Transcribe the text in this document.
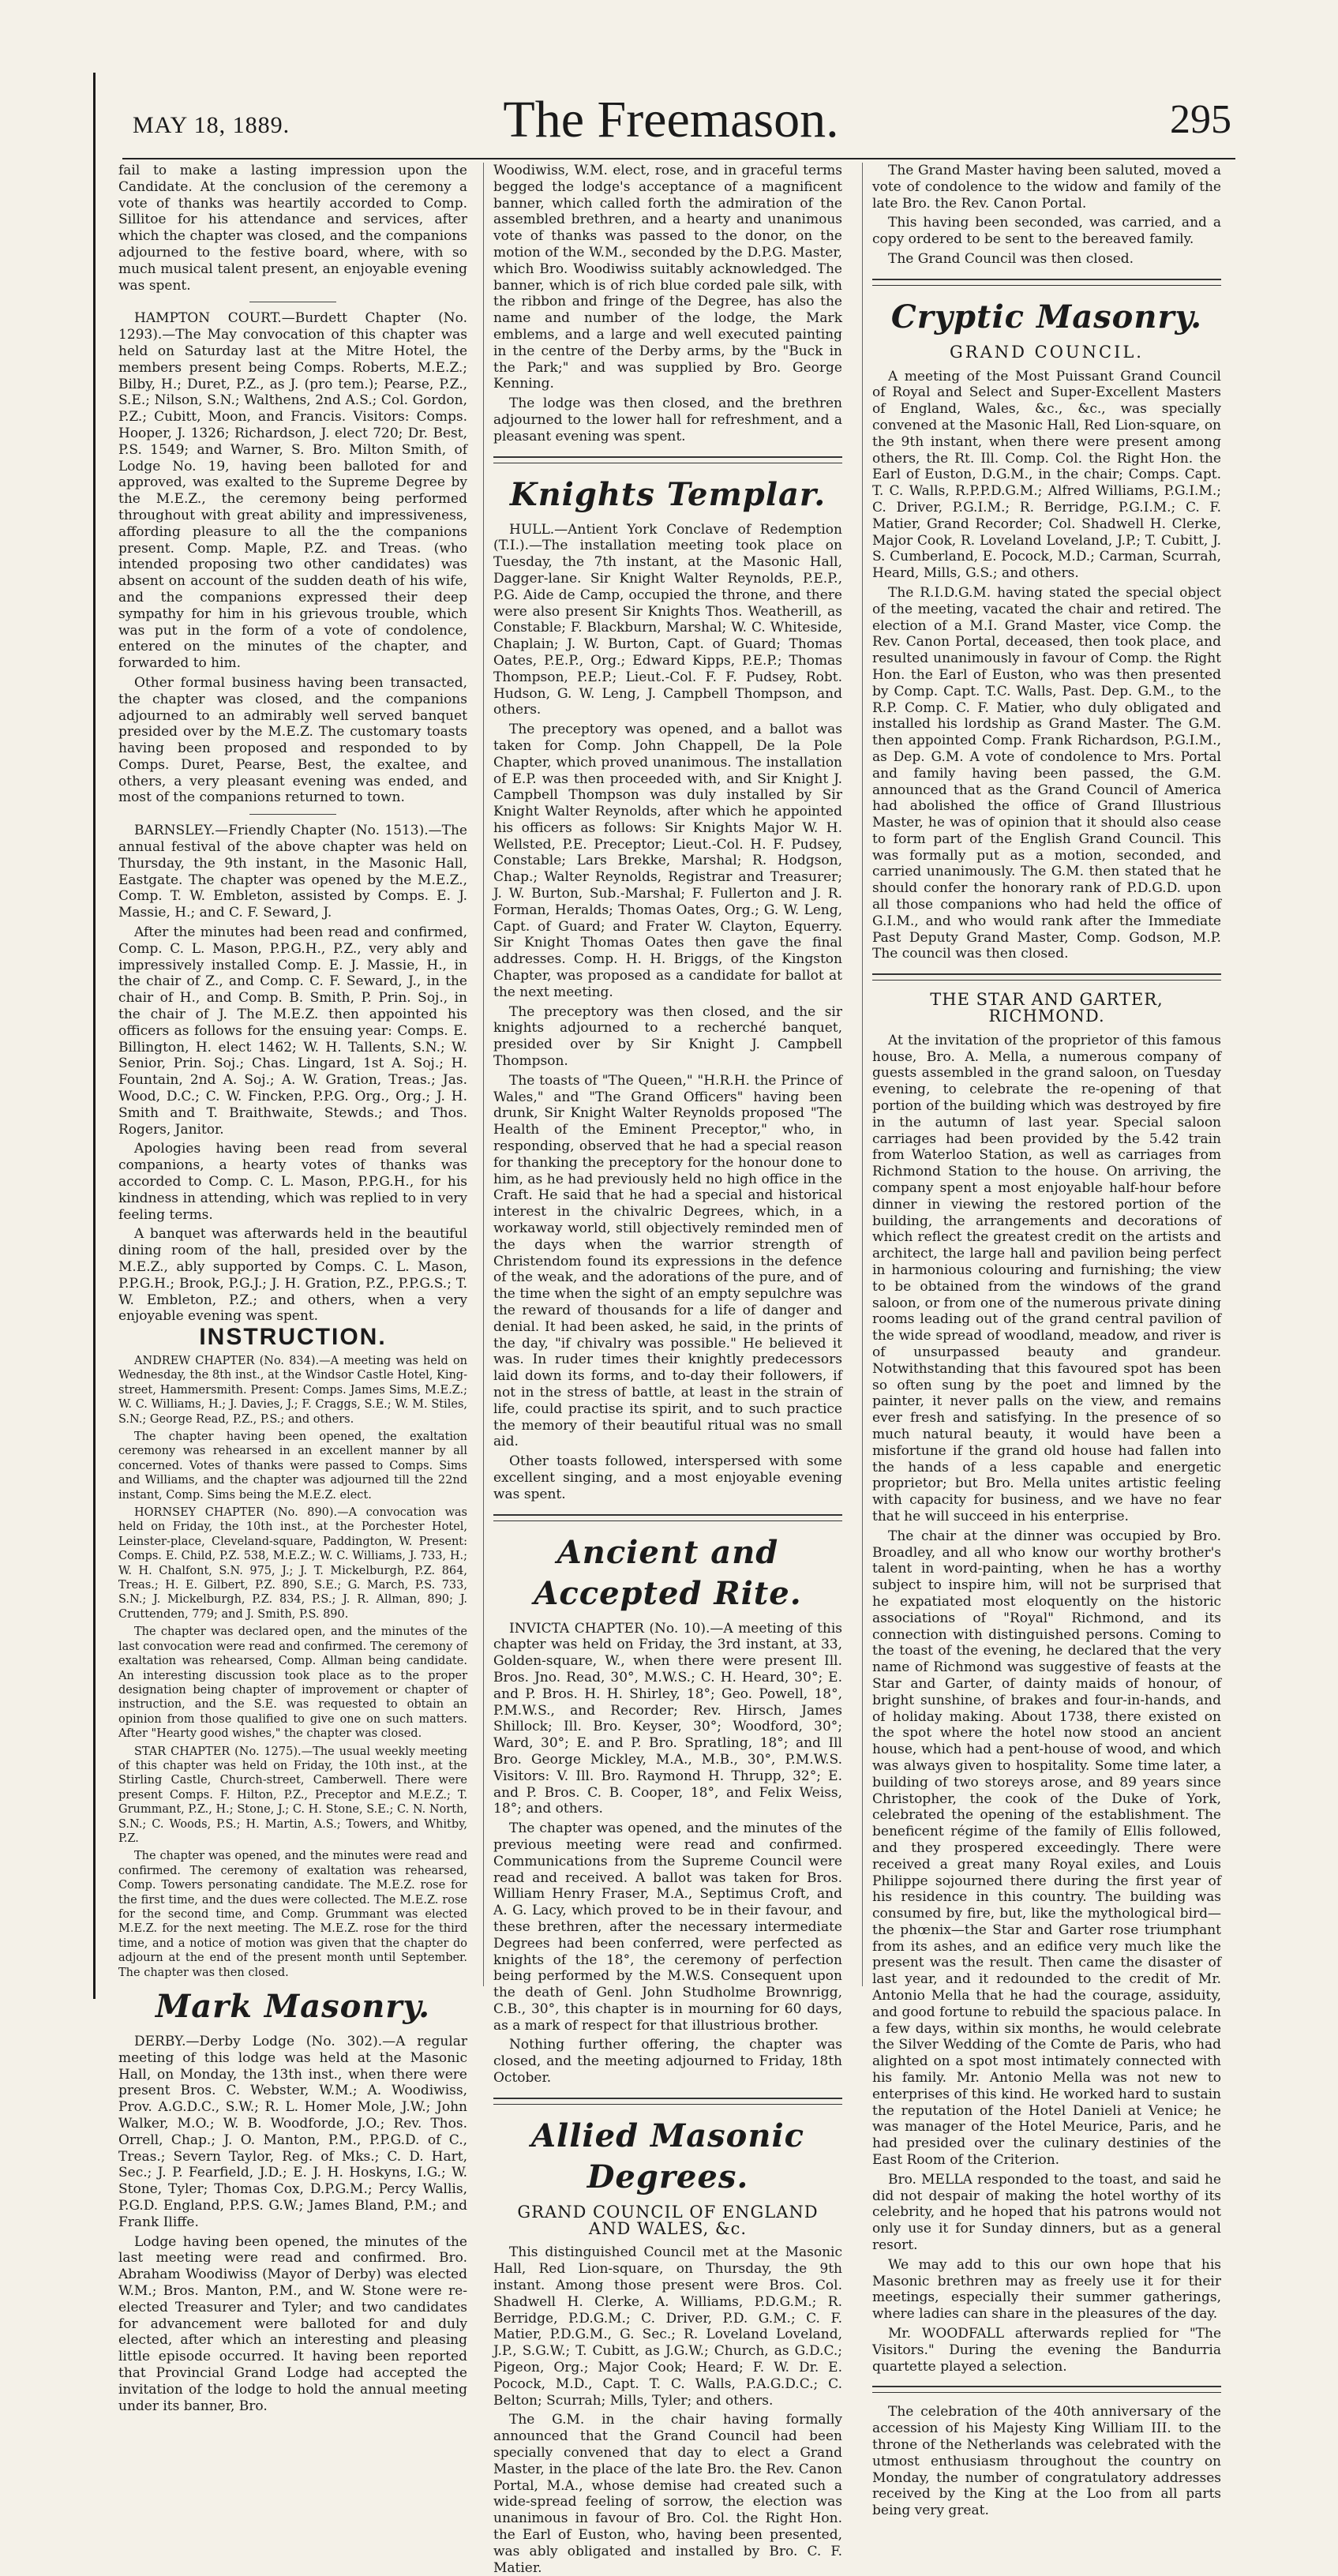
MAY 18, 1889.	The Freemason.	295

fail to make a lasting impression upon the Candidate. At the conclusion of the ceremony a vote of thanks was heartily accorded to Comp. Sillitoe for his attendance and services, after which the chapter was closed, and the companions adjourned to the festive board, where, with so much musical talent present, an enjoyable evening was spent.

HAMPTON COURT.—Burdett Chapter (No. 1293).—The May convocation of this chapter was held on Saturday last at the Mitre Hotel, the members present being Comps. Roberts, M.E.Z.; Bilby, H.; Duret, P.Z., as J. (pro tem.); Pearse, P.Z., S.E.; Nilson, S.N.; Walthens, 2nd A.S.; Col. Gordon, P.Z.; Cubitt, Moon, and Francis. Visitors: Comps. Hooper, J. 1326; Richardson, J. elect 720; Dr. Best, P.S. 1549; and Warner, S. Bro. Milton Smith, of Lodge No. 19, having been balloted for and approved, was exalted to the Supreme Degree by the M.E.Z., the ceremony being performed throughout with great ability and impressiveness, affording pleasure to all the the companions present. Comp. Maple, P.Z. and Treas. (who intended proposing two other candidates) was absent on account of the sudden death of his wife, and the companions expressed their deep sympathy for him in his grievous trouble, which was put in the form of a vote of condolence, entered on the minutes of the chapter, and forwarded to him.

Other formal business having been transacted, the chapter was closed, and the companions adjourned to an admirably well served banquet presided over by the M.E.Z. The customary toasts having been proposed and responded to by Comps. Duret, Pearse, Best, the exaltee, and others, a very pleasant evening was ended, and most of the companions returned to town.

BARNSLEY.—Friendly Chapter (No. 1513).—The annual festival of the above chapter was held on Thursday, the 9th instant, in the Masonic Hall, Eastgate. The chapter was opened by the M.E.Z., Comp. T. W. Embleton, assisted by Comps. E. J. Massie, H.; and C. F. Seward, J.

After the minutes had been read and confirmed, Comp. C. L. Mason, P.P.G.H., P.Z., very ably and impressively installed Comp. E. J. Massie, H., in the chair of Z., and Comp. C. F. Seward, J., in the chair of H., and Comp. B. Smith, P. Prin. Soj., in the chair of J. The M.E.Z. then appointed his officers as follows for the ensuing year: Comps. E. Billington, H. elect 1462; W. H. Tallents, S.N.; W. Senior, Prin. Soj.; Chas. Lingard, 1st A. Soj.; H. Fountain, 2nd A. Soj.; A. W. Gration, Treas.; Jas. Wood, D.C.; C. W. Fincken, P.P.G. Org., Org.; J. H. Smith and T. Braithwaite, Stewds.; and Thos. Rogers, Janitor.

Apologies having been read from several companions, a hearty votes of thanks was accorded to Comp. C. L. Mason, P.P.G.H., for his kindness in attending, which was replied to in very feeling terms.

A banquet was afterwards held in the beautiful dining room of the hall, presided over by the M.E.Z., ably supported by Comps. C. L. Mason, P.P.G.H.; Brook, P.G.J.; J. H. Gration, P.Z., P.P.G.S.; T. W. Embleton, P.Z.; and others, when a very enjoyable evening was spent.

INSTRUCTION.

ANDREW CHAPTER (No. 834).—A meeting was held on Wednesday, the 8th inst., at the Windsor Castle Hotel, King-street, Hammersmith. Present: Comps. James Sims, M.E.Z.; W. C. Williams, H.; J. Davies, J.; F. Craggs, S.E.; W. M. Stiles, S.N.; George Read, P.Z., P.S.; and others.

The chapter having been opened, the exaltation ceremony was rehearsed in an excellent manner by all concerned. Votes of thanks were passed to Comps. Sims and Williams, and the chapter was adjourned till the 22nd instant, Comp. Sims being the M.E.Z. elect.

HORNSEY CHAPTER (No. 890).—A convocation was held on Friday, the 10th inst., at the Porchester Hotel, Leinster-place, Cleveland-square, Paddington, W. Present: Comps. E. Child, P.Z. 538, M.E.Z.; W. C. Williams, J. 733, H.; W. H. Chalfont, S.N. 975, J.; J. T. Mickelburgh, P.Z. 864, Treas.; H. E. Gilbert, P.Z. 890, S.E.; G. March, P.S. 733, S.N.; J. Mickelburgh, P.Z. 834, P.S.; J. R. Allman, 890; J. Cruttenden, 779; and J. Smith, P.S. 890.

The chapter was declared open, and the minutes of the last convocation were read and confirmed. The ceremony of exaltation was rehearsed, Comp. Allman being candidate. An interesting discussion took place as to the proper designation being chapter of improvement or chapter of instruction, and the S.E. was requested to obtain an opinion from those qualified to give one on such matters. After "Hearty good wishes," the chapter was closed.

STAR CHAPTER (No. 1275).—The usual weekly meeting of this chapter was held on Friday, the 10th inst., at the Stirling Castle, Church-street, Camberwell. There were present Comps. F. Hilton, P.Z., Preceptor and M.E.Z.; T. Grummant, P.Z., H.; Stone, J.; C. H. Stone, S.E.; C. N. North, S.N.; C. Woods, P.S.; H. Martin, A.S.; Towers, and Whitby, P.Z.

The chapter was opened, and the minutes were read and confirmed. The ceremony of exaltation was rehearsed, Comp. Towers personating candidate. The M.E.Z. rose for the first time, and the dues were collected. The M.E.Z. rose for the second time, and Comp. Grummant was elected M.E.Z. for the next meeting. The M.E.Z. rose for the third time, and a notice of motion was given that the chapter do adjourn at the end of the present month until September. The chapter was then closed.

Mark Masonry.

DERBY.—Derby Lodge (No. 302).—A regular meeting of this lodge was held at the Masonic Hall, on Monday, the 13th inst., when there were present Bros. C. Webster, W.M.; A. Woodiwiss, Prov. A.G.D.C., S.W.; R. L. Homer Mole, J.W.; John Walker, M.O.; W. B. Woodforde, J.O.; Rev. Thos. Orrell, Chap.; J. O. Manton, P.M., P.P.G.D. of C., Treas.; Severn Taylor, Reg. of Mks.; C. D. Hart, Sec.; J. P. Fearfield, J.D.; E. J. H. Hoskyns, I.G.; W. Stone, Tyler; Thomas Cox, D.P.G.M.; Percy Wallis, P.G.D. England, P.P.S. G.W.; James Bland, P.M.; and Frank Iliffe.

Lodge having been opened, the minutes of the last meeting were read and confirmed. Bro. Abraham Woodiwiss (Mayor of Derby) was elected W.M.; Bros. Manton, P.M., and W. Stone were re-elected Treasurer and Tyler; and two candidates for advancement were balloted for and duly elected, after which an interesting and pleasing little episode occurred. It having been reported that Provincial Grand Lodge had accepted the invitation of the lodge to hold the annual meeting under its banner, Bro.

Woodiwiss, W.M. elect, rose, and in graceful terms begged the lodge's acceptance of a magnificent banner, which called forth the admiration of the assembled brethren, and a hearty and unanimous vote of thanks was passed to the donor, on the motion of the W.M., seconded by the D.P.G. Master, which Bro. Woodiwiss suitably acknowledged. The banner, which is of rich blue corded pale silk, with the ribbon and fringe of the Degree, has also the name and number of the lodge, the Mark emblems, and a large and well executed painting in the centre of the Derby arms, by the "Buck in the Park;" and was supplied by Bro. George Kenning.

The lodge was then closed, and the brethren adjourned to the lower hall for refreshment, and a pleasant evening was spent.

Knights Templar.

HULL.—Antient York Conclave of Redemption (T.I.).—The installation meeting took place on Tuesday, the 7th instant, at the Masonic Hall, Dagger-lane. Sir Knight Walter Reynolds, P.E.P., P.G. Aide de Camp, occupied the throne, and there were also present Sir Knights Thos. Weatherill, as Constable; F. Blackburn, Marshal; W. C. Whiteside, Chaplain; J. W. Burton, Capt. of Guard; Thomas Oates, P.E.P., Org.; Edward Kipps, P.E.P.; Thomas Thompson, P.E.P.; Lieut.-Col. F. F. Pudsey, Robt. Hudson, G. W. Leng, J. Campbell Thompson, and others.

The preceptory was opened, and a ballot was taken for Comp. John Chappell, De la Pole Chapter, which proved unanimous. The installation of E.P. was then proceeded with, and Sir Knight J. Campbell Thompson was duly installed by Sir Knight Walter Reynolds, after which he appointed his officers as follows: Sir Knights Major W. H. Wellsted, P.E. Preceptor; Lieut.-Col. H. F. Pudsey, Constable; Lars Brekke, Marshal; R. Hodgson, Chap.; Walter Reynolds, Registrar and Treasurer; J. W. Burton, Sub.-Marshal; F. Fullerton and J. R. Forman, Heralds; Thomas Oates, Org.; G. W. Leng, Capt. of Guard; and Frater W. Clayton, Equerry. Sir Knight Thomas Oates then gave the final addresses. Comp. H. H. Briggs, of the Kingston Chapter, was proposed as a candidate for ballot at the next meeting.

The preceptory was then closed, and the sir knights adjourned to a recherché banquet, presided over by Sir Knight J. Campbell Thompson.

The toasts of "The Queen," "H.R.H. the Prince of Wales," and "The Grand Officers" having been drunk, Sir Knight Walter Reynolds proposed "The Health of the Eminent Preceptor," who, in responding, observed that he had a special reason for thanking the preceptory for the honour done to him, as he had previously held no high office in the Craft. He said that he had a special and historical interest in the chivalric Degrees, which, in a workaway world, still objectively reminded men of the days when the warrior strength of Christendom found its expressions in the defence of the weak, and the adorations of the pure, and of the time when the sight of an empty sepulchre was the reward of thousands for a life of danger and denial. It had been asked, he said, in the prints of the day, "if chivalry was possible." He believed it was. In ruder times their knightly predecessors laid down its forms, and to-day their followers, if not in the stress of battle, at least in the strain of life, could practise its spirit, and to such practice the memory of their beautiful ritual was no small aid.

Other toasts followed, interspersed with some excellent singing, and a most enjoyable evening was spent.

Ancient and Accepted Rite.

INVICTA CHAPTER (No. 10).—A meeting of this chapter was held on Friday, the 3rd instant, at 33, Golden-square, W., when there were present Ill. Bros. Jno. Read, 30°, M.W.S.; C. H. Heard, 30°; E. and P. Bros. H. H. Shirley, 18°; Geo. Powell, 18°, P.M.W.S., and Recorder; Rev. Hirsch, James Shillock; Ill. Bro. Keyser, 30°; Woodford, 30°; Ward, 30°; E. and P. Bro. Spratling, 18°; and Ill Bro. George Mickley, M.A., M.B., 30°, P.M.W.S. Visitors: V. Ill. Bro. Raymond H. Thrupp, 32°; E. and P. Bros. C. B. Cooper, 18°, and Felix Weiss, 18°; and others.

The chapter was opened, and the minutes of the previous meeting were read and confirmed. Communications from the Supreme Council were read and received. A ballot was taken for Bros. William Henry Fraser, M.A., Septimus Croft, and A. G. Lacy, which proved to be in their favour, and these brethren, after the necessary intermediate Degrees had been conferred, were perfected as knights of the 18°, the ceremony of perfection being performed by the M.W.S. Consequent upon the death of Genl. John Studholme Brownrigg, C.B., 30°, this chapter is in mourning for 60 days, as a mark of respect for that illustrious brother.

Nothing further offering, the chapter was closed, and the meeting adjourned to Friday, 18th October.

Allied Masonic Degrees.
GRAND COUNCIL OF ENGLAND AND WALES, &c.

This distinguished Council met at the Masonic Hall, Red Lion-square, on Thursday, the 9th instant. Among those present were Bros. Col. Shadwell H. Clerke, A. Williams, P.D.G.M.; R. Berridge, P.D.G.M.; C. Driver, P.D. G.M.; C. F. Matier, P.D.G.M., G. Sec.; R. Loveland Loveland, J.P., S.G.W.; T. Cubitt, as J.G.W.; Church, as G.D.C.; Pigeon, Org.; Major Cook; Heard; F. W. Dr. E. Pocock, M.D., Capt. T. C. Walls, P.A.G.D.C.; C. Belton; Scurrah; Mills, Tyler; and others.

The G.M. in the chair having formally announced that the Grand Council had been specially convened that day to elect a Grand Master, in the place of the late Bro. the Rev. Canon Portal, M.A., whose demise had created such a wide-spread feeling of sorrow, the election was unanimous in favour of Bro. Col. the Right Hon. the Earl of Euston, who, having been presented, was ably obligated and installed by Bro. C. F. Matier.

The Grand Master having been saluted, moved a vote of condolence to the widow and family of the late Bro. the Rev. Canon Portal.

This having been seconded, was carried, and a copy ordered to be sent to the bereaved family.

The Grand Council was then closed.

Cryptic Masonry.
GRAND COUNCIL.

A meeting of the Most Puissant Grand Council of Royal and Select and Super-Excellent Masters of England, Wales, &c., &c., was specially convened at the Masonic Hall, Red Lion-square, on the 9th instant, when there were present among others, the Rt. Ill. Comp. Col. the Right Hon. the Earl of Euston, D.G.M., in the chair; Comps. Capt. T. C. Walls, R.P.P.D.G.M.; Alfred Williams, P.G.I.M.; C. Driver, P.G.I.M.; R. Berridge, P.G.I.M.; C. F. Matier, Grand Recorder; Col. Shadwell H. Clerke, Major Cook, R. Loveland Loveland, J.P.; T. Cubitt, J. S. Cumberland, E. Pocock, M.D.; Carman, Scurrah, Heard, Mills, G.S.; and others.

The R.I.D.G.M. having stated the special object of the meeting, vacated the chair and retired. The election of a M.I. Grand Master, vice Comp. the Rev. Canon Portal, deceased, then took place, and resulted unanimously in favour of Comp. the Right Hon. the Earl of Euston, who was then presented by Comp. Capt. T.C. Walls, Past. Dep. G.M., to the R.P. Comp. C. F. Matier, who duly obligated and installed his lordship as Grand Master. The G.M. then appointed Comp. Frank Richardson, P.G.I.M., as Dep. G.M. A vote of condolence to Mrs. Portal and family having been passed, the G.M. announced that as the Grand Council of America had abolished the office of Grand Illustrious Master, he was of opinion that it should also cease to form part of the English Grand Council. This was formally put as a motion, seconded, and carried unanimously. The G.M. then stated that he should confer the honorary rank of P.D.G.D. upon all those companions who had held the office of G.I.M., and who would rank after the Immediate Past Deputy Grand Master, Comp. Godson, M.P. The council was then closed.

THE STAR AND GARTER, RICHMOND.

At the invitation of the proprietor of this famous house, Bro. A. Mella, a numerous company of guests assembled in the grand saloon, on Tuesday evening, to celebrate the re-opening of that portion of the building which was destroyed by fire in the autumn of last year. Special saloon carriages had been provided by the 5.42 train from Waterloo Station, as well as carriages from Richmond Station to the house. On arriving, the company spent a most enjoyable half-hour before dinner in viewing the restored portion of the building, the arrangements and decorations of which reflect the greatest credit on the artists and architect, the large hall and pavilion being perfect in harmonious colouring and furnishing; the view to be obtained from the windows of the grand saloon, or from one of the numerous private dining rooms leading out of the grand central pavilion of the wide spread of woodland, meadow, and river is of unsurpassed beauty and grandeur. Notwithstanding that this favoured spot has been so often sung by the poet and limned by the painter, it never palls on the view, and remains ever fresh and satisfying. In the presence of so much natural beauty, it would have been a misfortune if the grand old house had fallen into the hands of a less capable and energetic proprietor; but Bro. Mella unites artistic feeling with capacity for business, and we have no fear that he will succeed in his enterprise.

The chair at the dinner was occupied by Bro. Broadley, and all who know our worthy brother's talent in word-painting, when he has a worthy subject to inspire him, will not be surprised that he expatiated most eloquently on the historic associations of "Royal" Richmond, and its connection with distinguished persons. Coming to the toast of the evening, he declared that the very name of Richmond was suggestive of feasts at the Star and Garter, of dainty maids of honour, of bright sunshine, of brakes and four-in-hands, and of holiday making. About 1738, there existed on the spot where the hotel now stood an ancient house, which had a pent-house of wood, and which was always given to hospitality. Some time later, a building of two storeys arose, and 89 years since Christopher, the cook of the Duke of York, celebrated the opening of the establishment. The beneficent régime of the family of Ellis followed, and they prospered exceedingly. There were received a great many Royal exiles, and Louis Philippe sojourned there during the first year of his residence in this country. The building was consumed by fire, but, like the mythological bird—the phœnix—the Star and Garter rose triumphant from its ashes, and an edifice very much like the present was the result. Then came the disaster of last year, and it redounded to the credit of Mr. Antonio Mella that he had the courage, assiduity, and good fortune to rebuild the spacious palace. In a few days, within six months, he would celebrate the Silver Wedding of the Comte de Paris, who had alighted on a spot most intimately connected with his family. Mr. Antonio Mella was not new to enterprises of this kind. He worked hard to sustain the reputation of the Hotel Danieli at Venice; he was manager of the Hotel Meurice, Paris, and he had presided over the culinary destinies of the East Room of the Criterion.

Bro. MELLA responded to the toast, and said he did not despair of making the hotel worthy of its celebrity, and he hoped that his patrons would not only use it for Sunday dinners, but as a general resort.

We may add to this our own hope that his Masonic brethren may as freely use it for their meetings, especially their summer gatherings, where ladies can share in the pleasures of the day.

Mr. WOODFALL afterwards replied for "The Visitors." During the evening the Bandurria quartette played a selection.

The celebration of the 40th anniversary of the accession of his Majesty King William III. to the throne of the Netherlands was celebrated with the utmost enthusiasm throughout the country on Monday, the number of congratulatory addresses received by the King at the Loo from all parts being very great.
